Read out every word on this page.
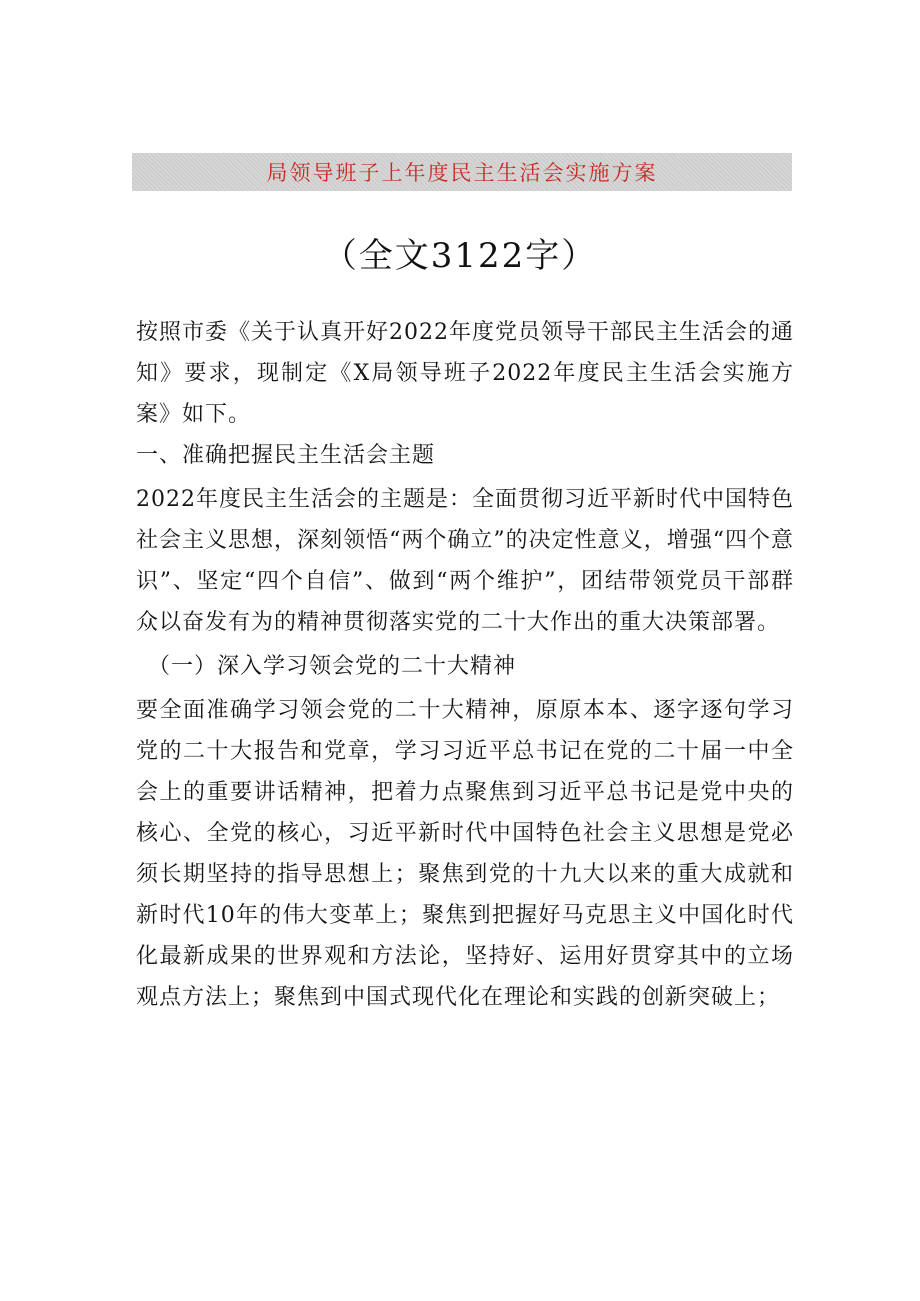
局领导班子上年度民主生活会实施方案
（全文3122字）

按照市委《关于认真开好2022年度党员领导干部民主生活会的通知》要求，现制定《X局领导班子2022年度民主生活会实施方案》如下。

一、准确把握民主生活会主题

2022年度民主生活会的主题是：全面贯彻习近平新时代中国特色社会主义思想，深刻领悟“两个确立”的决定性意义，增强“四个意识”、坚定“四个自信”、做到“两个维护”，团结带领党员干部群众以奋发有为的精神贯彻落实党的二十大作出的重大决策部署。

（一）深入学习领会党的二十大精神

要全面准确学习领会党的二十大精神，原原本本、逐字逐句学习党的二十大报告和党章，学习习近平总书记在党的二十届一中全会上的重要讲话精神，把着力点聚焦到习近平总书记是党中央的核心、全党的核心，习近平新时代中国特色社会主义思想是党必须长期坚持的指导思想上；聚焦到党的十九大以来的重大成就和新时代10年的伟大变革上；聚焦到把握好马克思主义中国化时代化最新成果的世界观和方法论，坚持好、运用好贯穿其中的立场观点方法上；聚焦到中国式现代化在理论和实践的创新突破上；
